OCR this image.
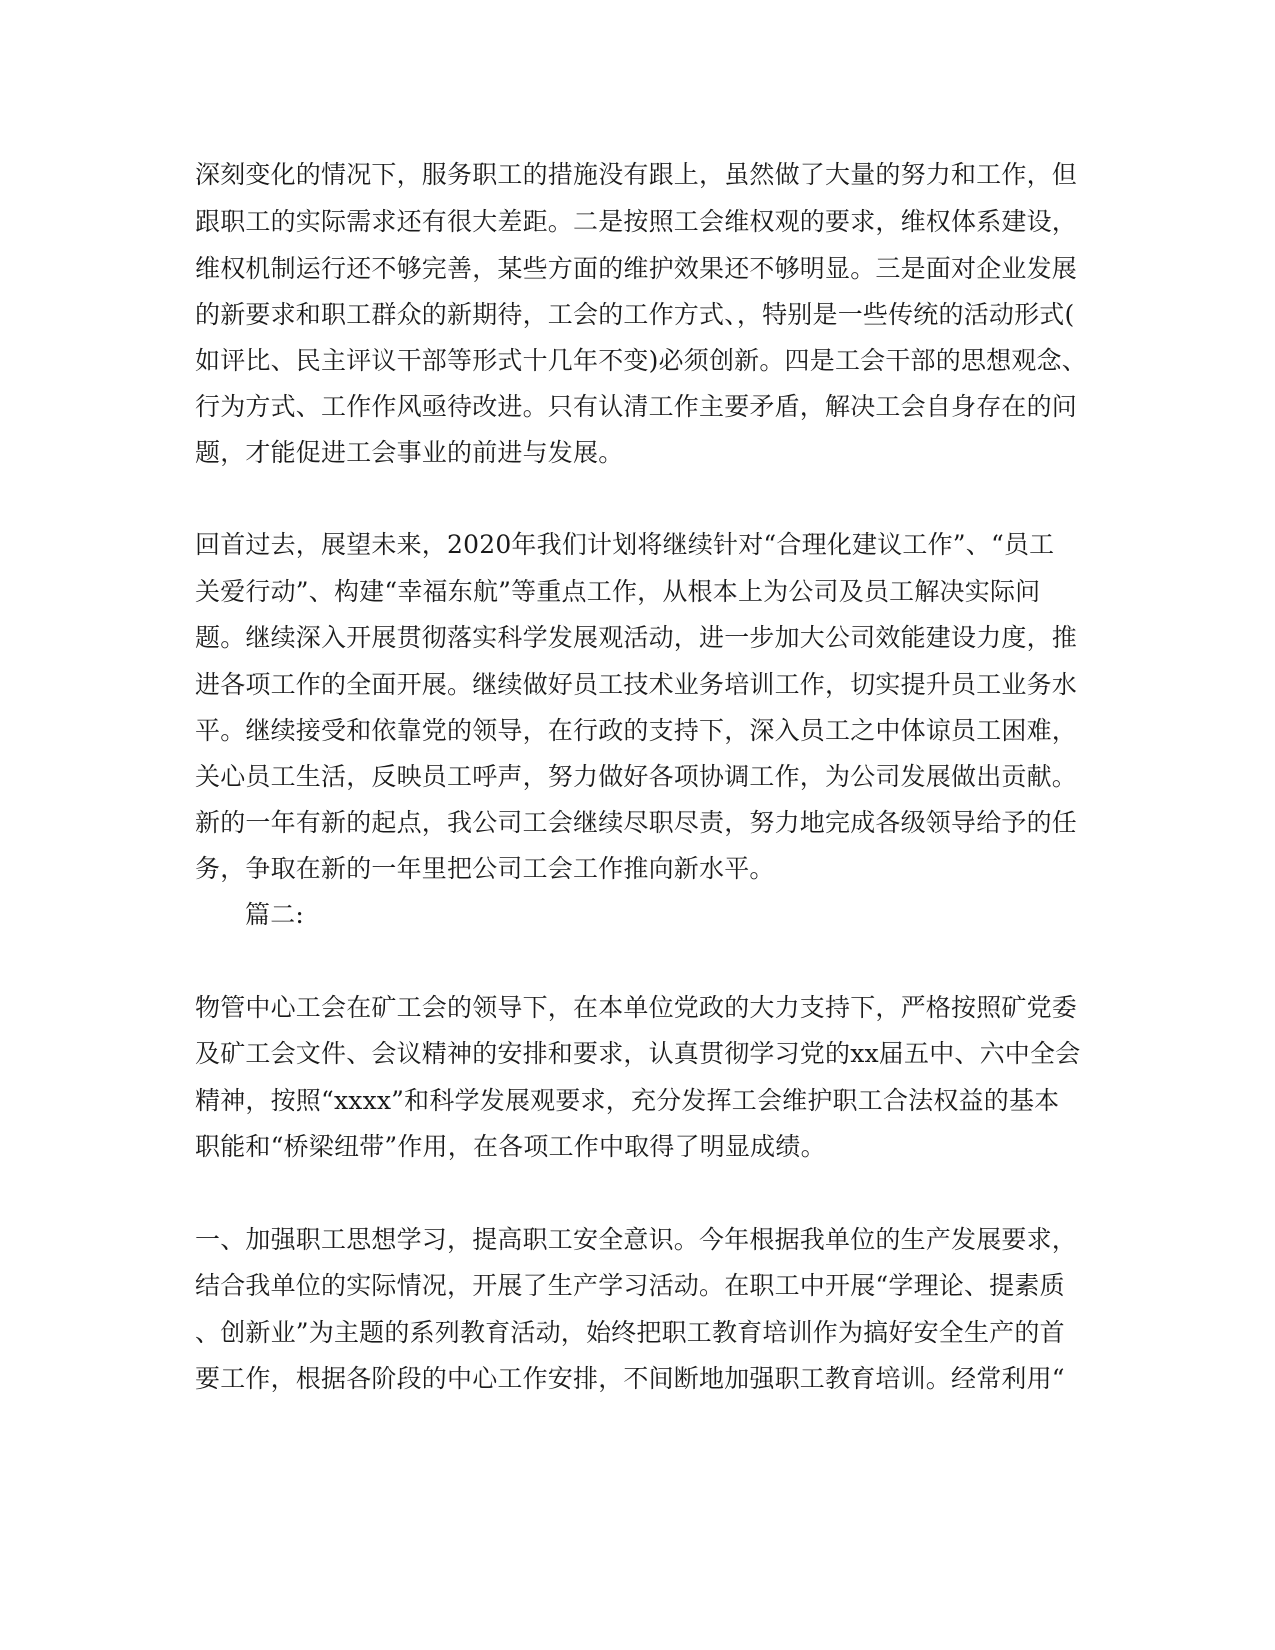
深刻变化的情况下，服务职工的措施没有跟上，虽然做了大量的努力和工作，但
跟职工的实际需求还有很大差距。二是按照工会维权观的要求，维权体系建设，
维权机制运行还不够完善，某些方面的维护效果还不够明显。三是面对企业发展
的新要求和职工群众的新期待，工会的工作方式、，特别是一些传统的活动形式(
如评比、民主评议干部等形式十几年不变)必须创新。四是工会干部的思想观念、
行为方式、工作作风亟待改进。只有认清工作主要矛盾，解决工会自身存在的问
题，才能促进工会事业的前进与发展。
回首过去，展望未来，2020年我们计划将继续针对“合理化建议工作”、“员工
关爱行动”、构建“幸福东航”等重点工作，从根本上为公司及员工解决实际问
题。继续深入开展贯彻落实科学发展观活动，进一步加大公司效能建设力度，推
进各项工作的全面开展。继续做好员工技术业务培训工作，切实提升员工业务水
平。继续接受和依靠党的领导，在行政的支持下，深入员工之中体谅员工困难，
关心员工生活，反映员工呼声，努力做好各项协调工作，为公司发展做出贡献。
新的一年有新的起点，我公司工会继续尽职尽责，努力地完成各级领导给予的任
务，争取在新的一年里把公司工会工作推向新水平。
篇二:
物管中心工会在矿工会的领导下，在本单位党政的大力支持下，严格按照矿党委
及矿工会文件、会议精神的安排和要求，认真贯彻学习党的xx届五中、六中全会
精神，按照“xxxx”和科学发展观要求，充分发挥工会维护职工合法权益的基本
职能和“桥梁纽带”作用，在各项工作中取得了明显成绩。
一、加强职工思想学习，提高职工安全意识。今年根据我单位的生产发展要求，
结合我单位的实际情况，开展了生产学习活动。在职工中开展“学理论、提素质
、创新业”为主题的系列教育活动，始终把职工教育培训作为搞好安全生产的首
要工作，根据各阶段的中心工作安排，不间断地加强职工教育培训。经常利用“
